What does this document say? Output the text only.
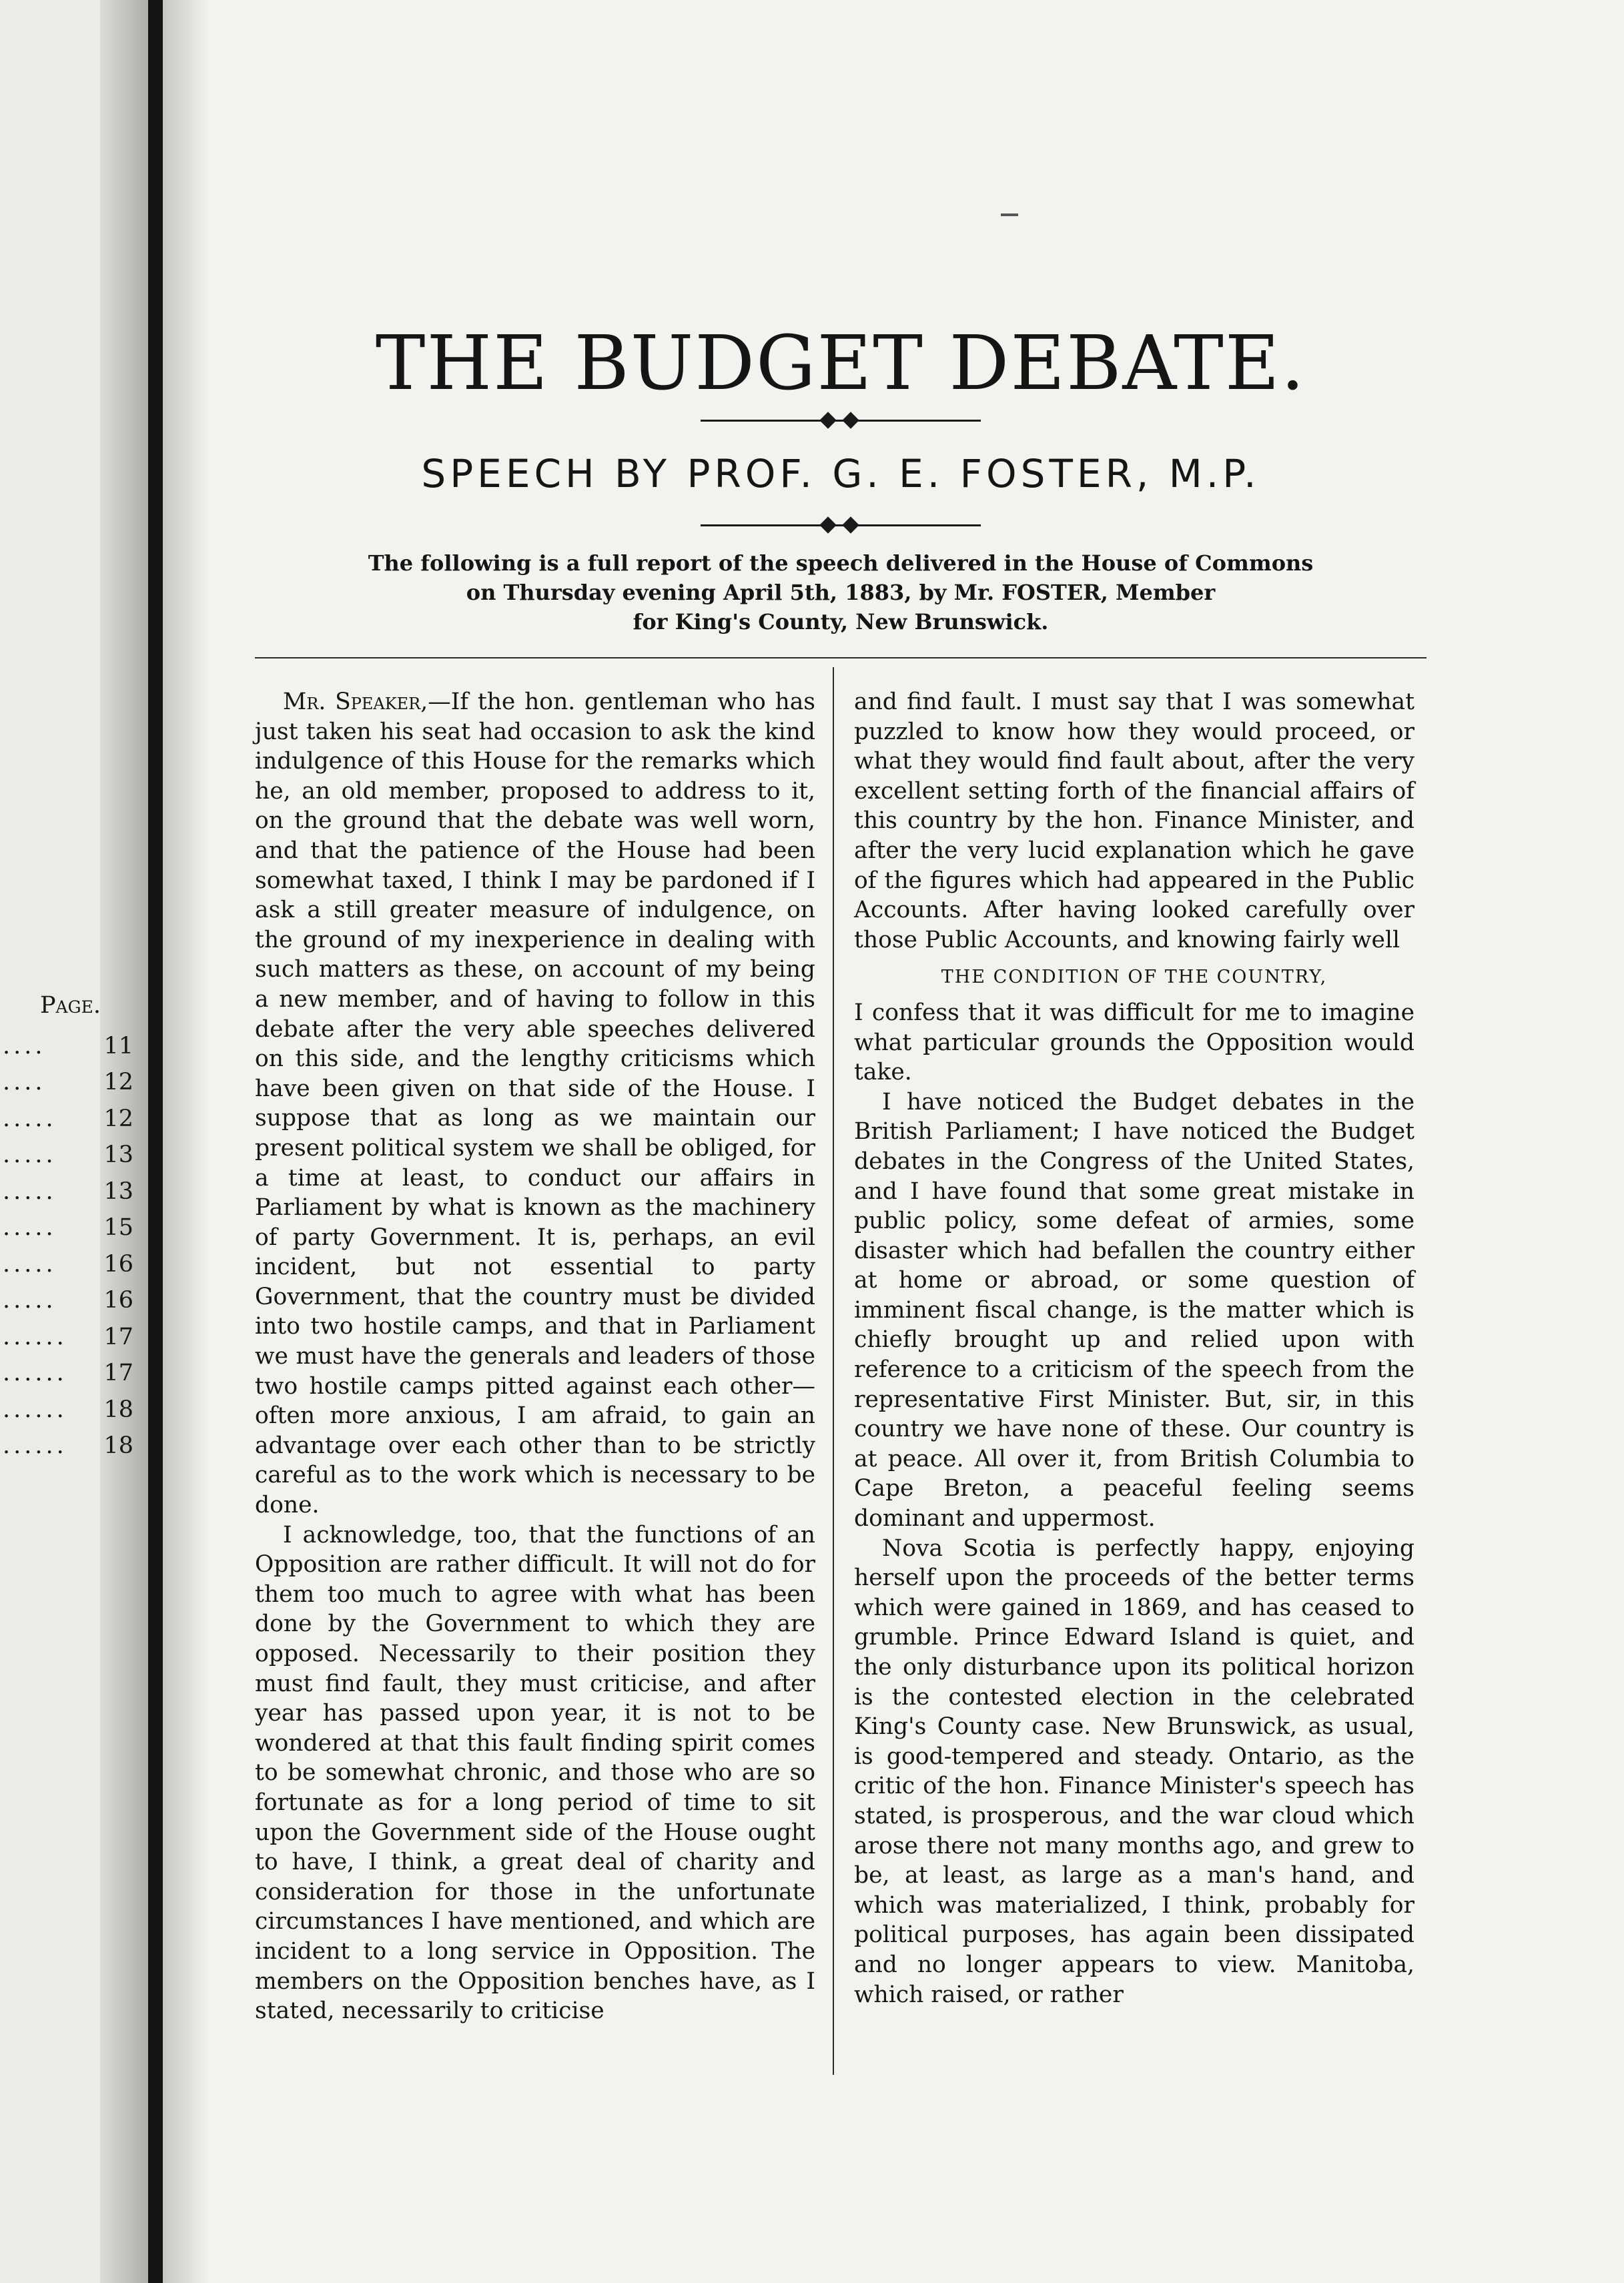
Page.
.... 11
.... 12
..... 12
..... 13
..... 13
..... 15
..... 16
..... 16
...... 17
...... 17
...... 18
...... 18
THE BUDGET DEBATE.
SPEECH BY PROF. G. E. FOSTER, M.P.
The following is a full report of the speech delivered in the House of Commons
on Thursday evening April 5th, 1883, by Mr. FOSTER, Member
for King's County, New Brunswick.

Mr. Speaker,—If the hon. gentleman who has just taken his seat had occasion to ask the kind indulgence of this House for the remarks which he, an old member, proposed to address to it, on the ground that the debate was well worn, and that the patience of the House had been somewhat taxed, I think I may be pardoned if I ask a still greater measure of indulgence, on the ground of my inexperience in dealing with such matters as these, on account of my being a new member, and of having to follow in this debate after the very able speeches delivered on this side, and the lengthy criticisms which have been given on that side of the House. I suppose that as long as we maintain our present political system we shall be obliged, for a time at least, to conduct our affairs in Parliament by what is known as the machinery of party Government. It is, perhaps, an evil incident, but not essential to party Government, that the country must be divided into two hostile camps, and that in Parliament we must have the generals and leaders of those two hostile camps pitted against each other—often more anxious, I am afraid, to gain an advantage over each other than to be strictly careful as to the work which is necessary to be done.

I acknowledge, too, that the functions of an Opposition are rather difficult. It will not do for them too much to agree with what has been done by the Government to which they are opposed. Necessarily to their position they must find fault, they must criticise, and after year has passed upon year, it is not to be wondered at that this fault finding spirit comes to be somewhat chronic, and those who are so fortunate as for a long period of time to sit upon the Government side of the House ought to have, I think, a great deal of charity and consideration for those in the unfortunate circumstances I have mentioned, and which are incident to a long service in Opposition. The members on the Opposition benches have, as I stated, necessarily to criticise

and find fault. I must say that I was somewhat puzzled to know how they would proceed, or what they would find fault about, after the very excellent setting forth of the financial affairs of this country by the hon. Finance Minister, and after the very lucid explanation which he gave of the figures which had appeared in the Public Accounts. After having looked carefully over those Public Accounts, and knowing fairly well

THE CONDITION OF THE COUNTRY,

I confess that it was difficult for me to imagine what particular grounds the Opposition would take.

I have noticed the Budget debates in the British Parliament; I have noticed the Budget debates in the Congress of the United States, and I have found that some great mistake in public policy, some defeat of armies, some disaster which had befallen the country either at home or abroad, or some question of imminent fiscal change, is the matter which is chiefly brought up and relied upon with reference to a criticism of the speech from the representative First Minister. But, sir, in this country we have none of these. Our country is at peace. All over it, from British Columbia to Cape Breton, a peaceful feeling seems dominant and uppermost.

Nova Scotia is perfectly happy, enjoying herself upon the proceeds of the better terms which were gained in 1869, and has ceased to grumble. Prince Edward Island is quiet, and the only disturbance upon its political horizon is the contested election in the celebrated King's County case. New Brunswick, as usual, is good-tempered and steady. Ontario, as the critic of the hon. Finance Minister's speech has stated, is prosperous, and the war cloud which arose there not many months ago, and grew to be, at least, as large as a man's hand, and which was materialized, I think, probably for political purposes, has again been dissipated and no longer appears to view. Manitoba, which raised, or rather
